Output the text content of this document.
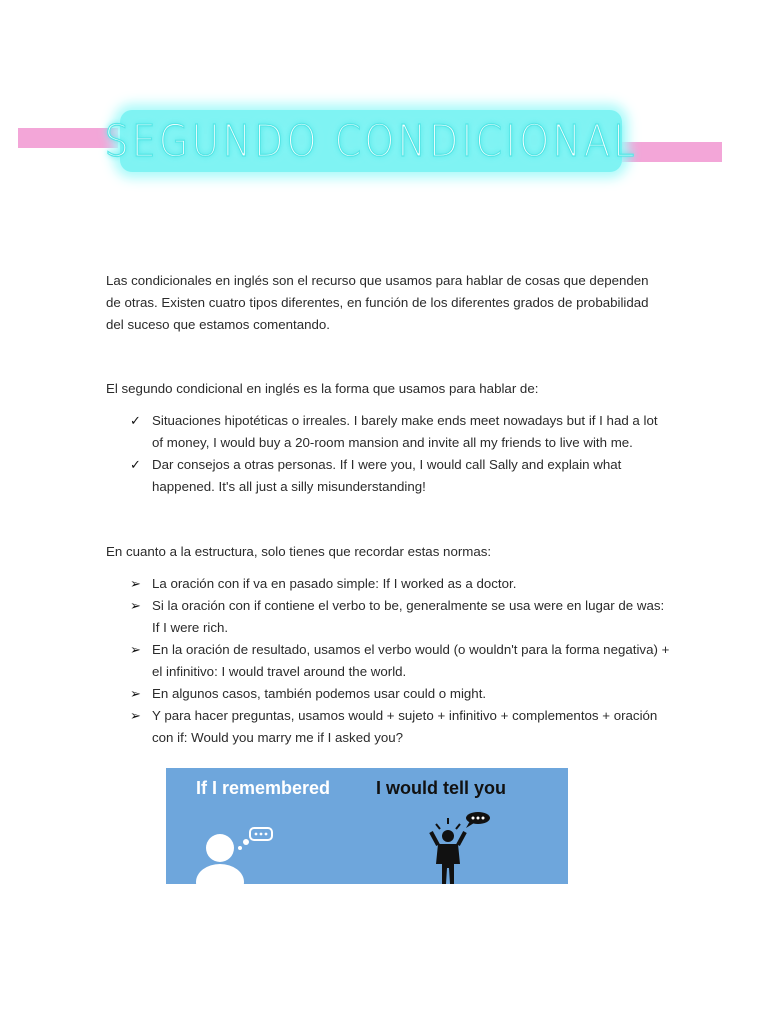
SEGUNDO CONDICIONAL

Las condicionales en inglés son el recurso que usamos para hablar de cosas que dependen de otras. Existen cuatro tipos diferentes, en función de los diferentes grados de probabilidad del suceso que estamos comentando.

El segundo condicional en inglés es la forma que usamos para hablar de:

✓ Situaciones hipotéticas o irreales. I barely make ends meet nowadays but if I had a lot of money, I would buy a 20-room mansion and invite all my friends to live with me.
✓ Dar consejos a otras personas. If I were you, I would call Sally and explain what happened. It's all just a silly misunderstanding!

En cuanto a la estructura, solo tienes que recordar estas normas:

➢ La oración con if va en pasado simple: If I worked as a doctor.
➢ Si la oración con if contiene el verbo to be, generalmente se usa were en lugar de was: If I were rich.
➢ En la oración de resultado, usamos el verbo would (o wouldn't para la forma negativa) + el infinitivo: I would travel around the world.
➢ En algunos casos, también podemos usar could o might.
➢ Y para hacer preguntas, usamos would + sujeto + infinitivo + complementos + oración con if: Would you marry me if I asked you?
If I remembered	I would tell you
